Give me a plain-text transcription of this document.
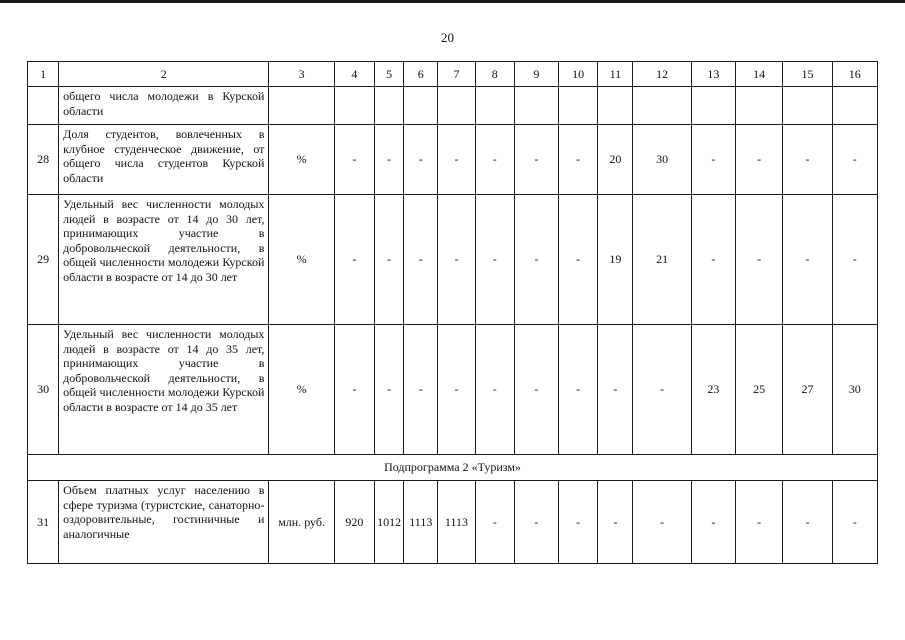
20
1	2	3	4	5	6	7	8	9	10	11	12	13	14	15	16
	общего числа молодежи в Курской области														
28	Доля студентов, вовлеченных в клубное студенческое движение, от общего числа студентов Курской области	%	-	-	-	-	-	-	-	20	30	-	-	-	-
29	Удельный вес численности молодых людей в возрасте от 14 до 30 лет, принимающих участие в добровольческой деятельности, в общей численности молодежи Курской области в возрасте от 14 до 30 лет	%	-	-	-	-	-	-	-	19	21	-	-	-	-
30	Удельный вес численности молодых людей в возрасте от 14 до 35 лет, принимающих участие в добровольческой деятельности, в общей численности молодежи Курской области в возрасте от 14 до 35 лет	%	-	-	-	-	-	-	-	-	-	23	25	27	30
Подпрограмма 2 «Туризм»															
31	Объем платных услуг населению в сфере туризма (туристские, санаторно-оздоровительные, гостиничные и аналогичные	млн. руб.	920	1012	1113	1113	-	-	-	-	-	-	-	-	-
